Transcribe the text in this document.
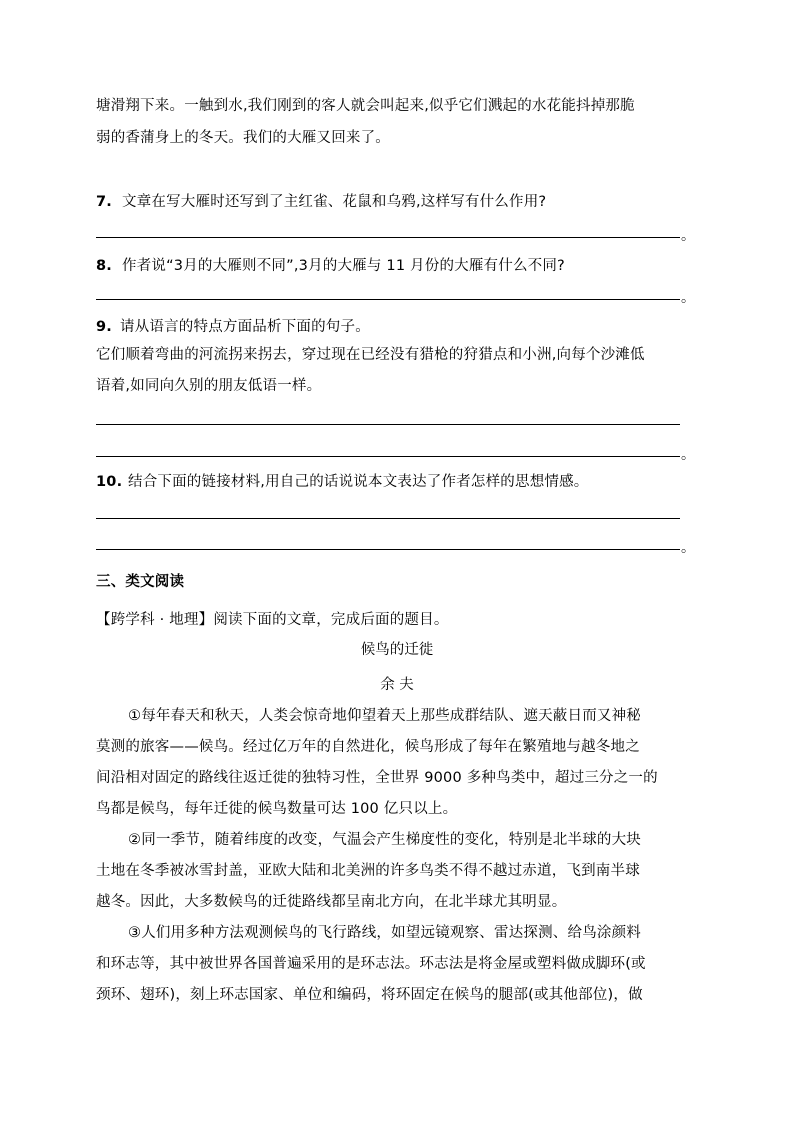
塘滑翔下来。一触到水,我们刚到的客人就会叫起来,似乎它们溅起的水花能抖掉那脆
弱的香蒲身上的冬天。我们的大雁又回来了。
7. 文章在写大雁时还写到了主红雀、花鼠和乌鸦,这样写有什么作用?
。
8. 作者说“3月的大雁则不同”,3月的大雁与 11 月份的大雁有什么不同?
。
9. 请从语言的特点方面品析下面的句子。
它们顺着弯曲的河流拐来拐去，穿过现在已经没有猎枪的狩猎点和小洲,向每个沙滩低
语着,如同向久别的朋友低语一样。
。
10. 结合下面的链接材料,用自己的话说说本文表达了作者怎样的思想情感。
。
三、类文阅读
【跨学科 · 地理】阅读下面的文章，完成后面的题目。
候鸟的迁徙
余 夫
①每年春天和秋天，人类会惊奇地仰望着天上那些成群结队、遮天蔽日而又神秘
莫测的旅客——候鸟。经过亿万年的自然进化，候鸟形成了每年在繁殖地与越冬地之
间沿相对固定的路线往返迁徙的独特习性，全世界 9000 多种鸟类中，超过三分之一的
鸟都是候鸟，每年迁徙的候鸟数量可达 100 亿只以上。
②同一季节，随着纬度的改变，气温会产生梯度性的变化，特别是北半球的大块
土地在冬季被冰雪封盖，亚欧大陆和北美洲的许多鸟类不得不越过赤道，飞到南半球
越冬。因此，大多数候鸟的迁徙路线都呈南北方向，在北半球尤其明显。
③人们用多种方法观测候鸟的飞行路线，如望远镜观察、雷达探测、给鸟涂颜料
和环志等，其中被世界各国普遍采用的是环志法。环志法是将金屋或塑料做成脚环(或
颈环、翅环)，刻上环志国家、单位和编码，将环固定在候鸟的腿部(或其他部位)，做
